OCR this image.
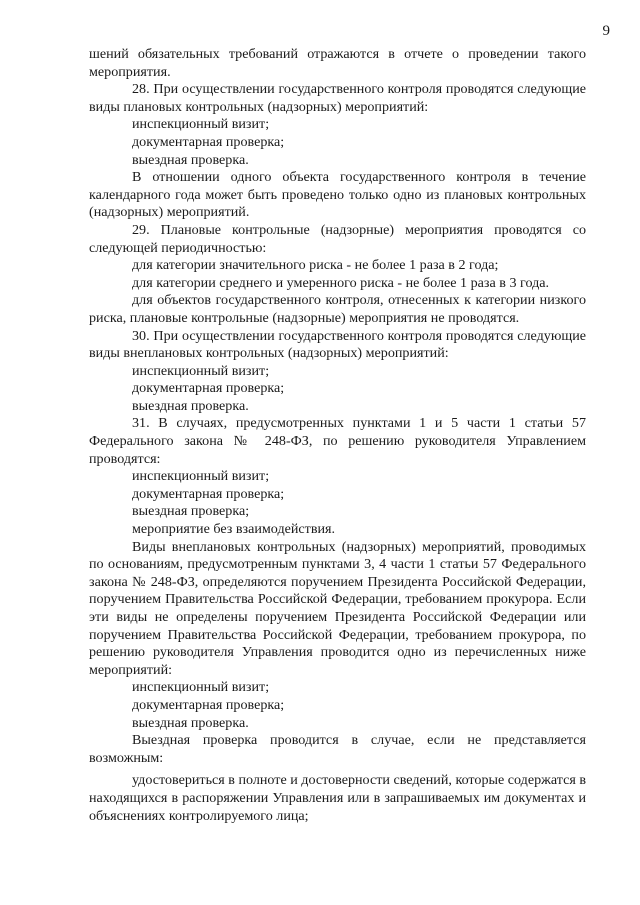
9

шений обязательных требований отражаются в отчете о проведении такого мероприятия.

28. При осуществлении государственного контроля проводятся следующие виды плановых контрольных (надзорных) мероприятий:

инспекционный визит;

документарная проверка;

выездная проверка.

В отношении одного объекта государственного контроля в течение календарного года может быть проведено только одно из плановых контрольных (надзорных) мероприятий.

29. Плановые контрольные (надзорные) мероприятия проводятся со следующей периодичностью:

для категории значительного риска - не более 1 раза в 2 года;

для категории среднего и умеренного риска - не более 1 раза в 3 года.

для объектов государственного контроля, отнесенных к категории низкого риска, плановые контрольные (надзорные) мероприятия не проводятся.

30. При осуществлении государственного контроля проводятся следующие виды внеплановых контрольных (надзорных) мероприятий:

инспекционный визит;

документарная проверка;

выездная проверка.

31. В случаях, предусмотренных пунктами 1 и 5 части 1 статьи 57 Федерального закона № 248-ФЗ, по решению руководителя Управлением проводятся:

инспекционный визит;

документарная проверка;

выездная проверка;

мероприятие без взаимодействия.

Виды внеплановых контрольных (надзорных) мероприятий, проводимых по основаниям, предусмотренным пунктами 3, 4 части 1 статьи 57 Федерального закона № 248-ФЗ, определяются поручением Президента Российской Федерации, поручением Правительства Российской Федерации, требованием прокурора. Если эти виды не определены поручением Президента Российской Федерации или поручением Правительства Российской Федерации, требованием прокурора, по решению руководителя Управления проводится одно из перечисленных ниже мероприятий:

инспекционный визит;

документарная проверка;

выездная проверка.

Выездная проверка проводится в случае, если не представляется возможным:

удостовериться в полноте и достоверности сведений, которые содержатся в находящихся в распоряжении Управления или в запрашиваемых им документах и объяснениях контролируемого лица;
